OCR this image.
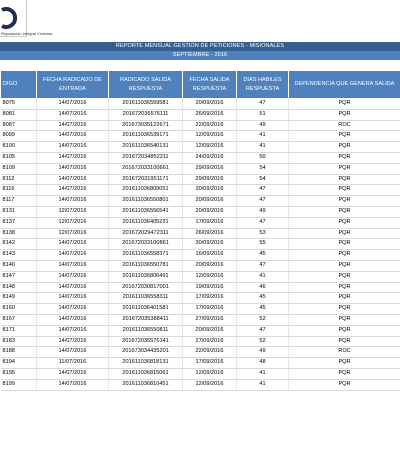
Reparación Integral Víctimas
REPORTE MENSUAL GESTION DE PETICIONES - MISIONALES
SEPTIEMBRE - 2016
DIGO	FECHA RADICADO DE ENTRADA	RADICADO SALIDA RESPUESTA	FECHA SALIDA RESPUESTA	DIAS HABILES RESPUESTA	DEPENDENCIA QUE GENERA SALIDA
8075	14/07/2016	201611036559581	20/09/2016	47	PQR
8081	14/07/2016	201672036576111	26/09/2016	51	PQR
8087	14/07/2016	201673035122671	22/09/2016	49	ROC
8099	14/07/2016	201611036539171	12/09/2016	41	PQR
8100	14/07/2016	201611036540131	12/09/2016	41	PQR
8105	14/07/2016	201672034852211	24/09/2016	50	PQR
8109	14/07/2016	201672033100661	29/09/2016	54	PQR
8112	14/07/2016	201672031951171	29/09/2016	54	PQR
8116	14/07/2016	201611036809051	20/09/2016	47	PQR
8117	14/07/2016	201611036550801	20/09/2016	47	PQR
8131	12/07/2016	201611036556541	20/09/2016	49	PQR
8137	12/07/2016	201611036405231	17/09/2016	47	PQR
8138	12/07/2016	201672029472311	26/09/2016	53	PQR
8142	14/07/2016	201672033100861	30/09/2016	55	PQR
8143	14/07/2016	201611036558371	16/09/2016	45	PQR
8146	14/07/2016	201611036550781	20/09/2016	47	PQR
8147	14/07/2016	201611036806491	12/09/2016	41	PQR
8148	14/07/2016	201672030817001	19/09/2016	46	PQR
8149	14/07/2016	201611036558311	17/09/2016	45	PQR
8160	14/07/2016	201611036401581	17/09/2016	45	PQR
8167	14/07/2016	201672035388411	27/09/2016	52	PQR
8171	14/07/2016	201611036550811	20/09/2016	47	PQR
8183	14/07/2016	201672036576141	27/09/2016	52	PQR
8188	14/07/2016	201673034435201	22/09/2016	49	ROC
8194	11/07/2016	201611036818131	17/09/2016	48	PQR
8195	14/07/2016	201611036815061	12/09/2016	41	PQR
8199	14/07/2016	201611036810451	12/09/2016	41	PQR
